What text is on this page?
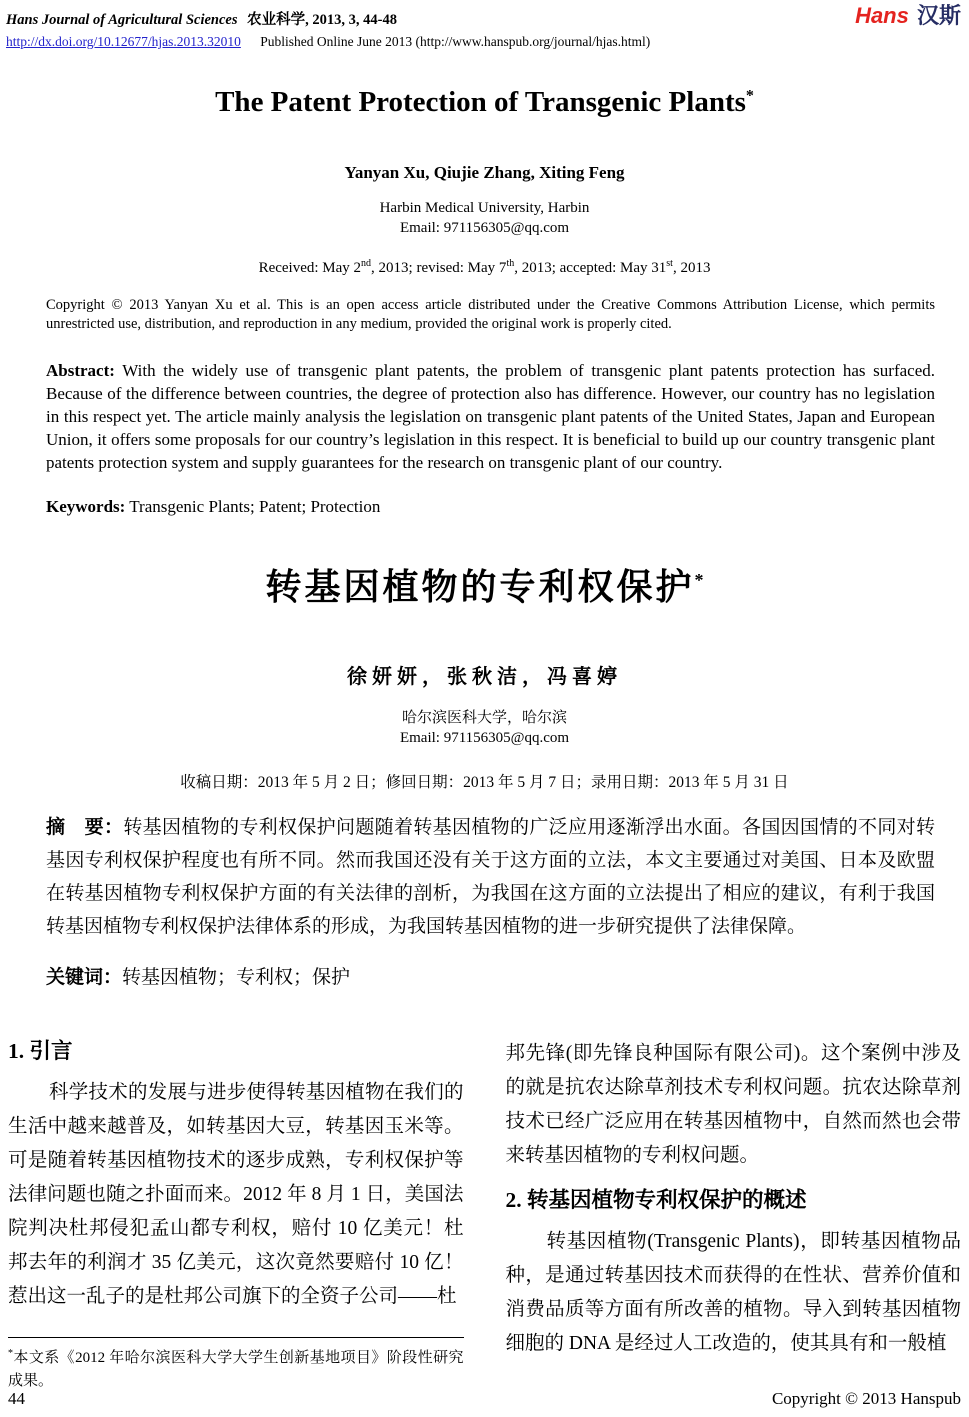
Hans Journal of Agricultural Sciences 农业科学, 2013, 3, 44-48
http://dx.doi.org/10.12677/hjas.2013.32010 Published Online June 2013 (http://www.hanspub.org/journal/hjas.html)
Hans 汉斯
The Patent Protection of Transgenic Plants*
Yanyan Xu, Qiujie Zhang, Xiting Feng
Harbin Medical University, Harbin
Email: 971156305@qq.com
Received: May 2nd, 2013; revised: May 7th, 2013; accepted: May 31st, 2013
Copyright © 2013 Yanyan Xu et al. This is an open access article distributed under the Creative Commons Attribution License, which permits unrestricted use, distribution, and reproduction in any medium, provided the original work is properly cited.
Abstract: With the widely use of transgenic plant patents, the problem of transgenic plant patents protection has surfaced. Because of the difference between countries, the degree of protection also has difference. However, our country has no legislation in this respect yet. The article mainly analysis the legislation on transgenic plant patents of the United States, Japan and European Union, it offers some proposals for our country’s legislation in this respect. It is beneficial to build up our country transgenic plant patents protection system and supply guarantees for the research on transgenic plant of our country.
Keywords: Transgenic Plants; Patent; Protection
转基因植物的专利权保护*
徐妍妍，张秋洁，冯喜婷
哈尔滨医科大学，哈尔滨
Email: 971156305@qq.com
收稿日期：2013 年 5 月 2 日；修回日期：2013 年 5 月 7 日；录用日期：2013 年 5 月 31 日
摘　要：转基因植物的专利权保护问题随着转基因植物的广泛应用逐渐浮出水面。各国因国情的不同对转基因专利权保护程度也有所不同。然而我国还没有关于这方面的立法，本文主要通过对美国、日本及欧盟在转基因植物专利权保护方面的有关法律的剖析，为我国在这方面的立法提出了相应的建议，有利于我国转基因植物专利权保护法律体系的形成，为我国转基因植物的进一步研究提供了法律保障。
关键词：转基因植物；专利权；保护
1. 引言
科学技术的发展与进步使得转基因植物在我们的生活中越来越普及，如转基因大豆，转基因玉米等。可是随着转基因植物技术的逐步成熟，专利权保护等法律问题也随之扑面而来。2012 年 8 月 1 日，美国法院判决杜邦侵犯孟山都专利权，赔付 10 亿美元！杜邦去年的利润才 35 亿美元，这次竟然要赔付 10 亿！惹出这一乱子的是杜邦公司旗下的全资子公司——杜
*本文系《2012 年哈尔滨医科大学大学生创新基地项目》阶段性研究成果。
邦先锋(即先锋良种国际有限公司)。这个案例中涉及的就是抗农达除草剂技术专利权问题。抗农达除草剂技术已经广泛应用在转基因植物中，自然而然也会带来转基因植物的专利权问题。
2. 转基因植物专利权保护的概述
转基因植物(Transgenic Plants)，即转基因植物品种，是通过转基因技术而获得的在性状、营养价值和消费品质等方面有所改善的植物。导入到转基因植物细胞的 DNA 是经过人工改造的，使其具有和一般植
44	Copyright © 2013 Hanspub
